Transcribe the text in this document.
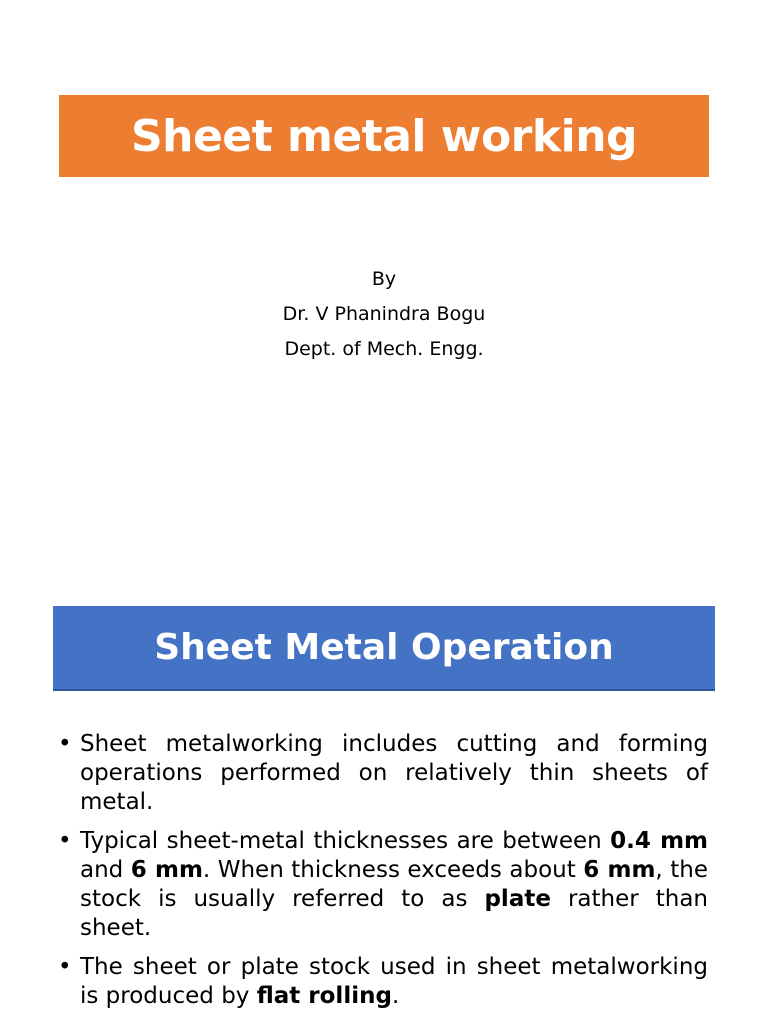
Sheet metal working
By
Dr. V Phanindra Bogu
Dept. of Mech. Engg.
Sheet Metal Operation
• Sheet metalworking includes cutting and forming operations performed on relatively thin sheets of metal.
• Typical sheet-metal thicknesses are between 0.4 mm and 6 mm. When thickness exceeds about 6 mm, the stock is usually referred to as plate rather than sheet.
• The sheet or plate stock used in sheet metalworking is produced by flat rolling.
